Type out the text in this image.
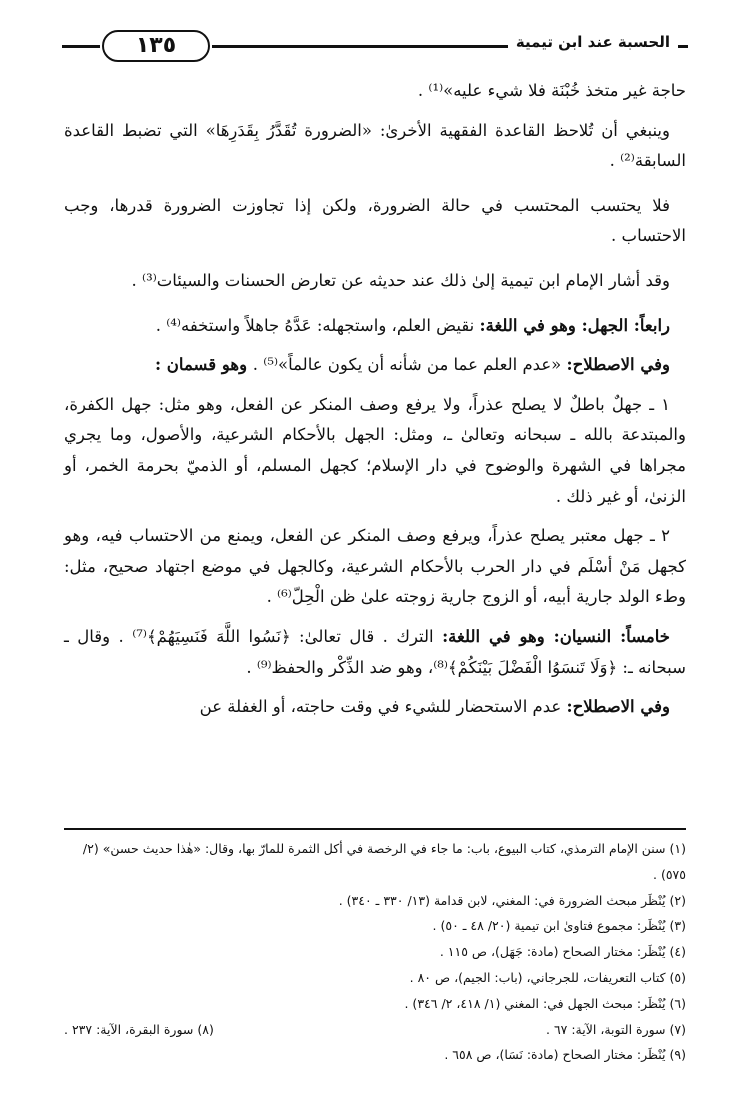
١٣٥	الحسبة عند ابن تيمية

حاجة غير متخذ خُبْنَة فلا شيء عليه»⁽¹⁾ .

وينبغي أن تُلاحظ القاعدة الفقهية الأخرىٰ: «الضرورة تُقَدَّرُ بِقَدَرِهَا» التي تضبط القاعدة السابقة⁽²⁾ .

فلا يحتسب المحتسب في حالة الضرورة، ولكن إذا تجاوزت الضرورة قدرها، وجب الاحتساب .

وقد أشار الإمام ابن تيمية إلىٰ ذلك عند حديثه عن تعارض الحسنات والسيئات⁽³⁾ .

رابعاً: الجهل: وهو في اللغة: نقيض العلم، واستجهله: عَدَّهُ جاهلاً واستخفه⁽⁴⁾ .

وفي الاصطلاح: «عدم العلم عما من شأنه أن يكون عالماً»⁽⁵⁾ . وهو قسمان :

١ ـ جهلٌ باطلٌ لا يصلح عذراً، ولا يرفع وصف المنكر عن الفعل، وهو مثل: جهل الكفرة، والمبتدعة بالله ـ سبحانه وتعالىٰ ـ، ومثل: الجهل بالأحكام الشرعية، والأصول، وما يجري مجراها في الشهرة والوضوح في دار الإسلام؛ كجهل المسلم، أو الذميّ بحرمة الخمر، أو الزنىٰ، أو غير ذلك .

٢ ـ جهل معتبر يصلح عذراً، ويرفع وصف المنكر عن الفعل، ويمنع من الاحتساب فيه، وهو كجهل مَنْ أسْلَم في دار الحرب بالأحكام الشرعية، وكالجهل في موضع اجتهاد صحيح، مثل: وطء الولد جارية أبيه، أو الزوج جارية زوجته علىٰ ظن الْحِلّ⁽⁶⁾ .

خامساً: النسيان: وهو في اللغة: الترك . قال تعالىٰ: ﴿نَسُوا اللَّهَ فَنَسِيَهُمْ﴾⁽⁷⁾ . وقال ـ سبحانه ـ: ﴿وَلَا تَنسَوُا الْفَضْلَ بَيْنَكُمْ﴾⁽⁸⁾، وهو ضد الذِّكْر والحفظ⁽⁹⁾ .

وفي الاصطلاح: عدم الاستحضار للشيء في وقت حاجته، أو الغفلة عن

(١) سنن الإمام الترمذي، كتاب البيوع، باب: ما جاء في الرخصة في أكل الثمرة للمارّ بها، وقال: «هٰذا حديث حسن» (٢/ ٥٧٥) .
(٢) يُنْظَر مبحث الضرورة في: المغني، لابن قدامة (١٣/ ٣٣٠ ـ ٣٤٠) .
(٣) يُنْظَر: مجموع فتاوىٰ ابن تيمية (٢٠/ ٤٨ ـ ٥٠) .
(٤) يُنْظَر: مختار الصحاح (مادة: جَهَل)، ص ١١٥ .
(٥) كتاب التعريفات، للجرجاني، (باب: الجيم)، ص ٨٠ .
(٦) يُنْظَر: مبحث الجهل في: المغني (١/ ٤١٨، ٢/ ٣٤٦) .
(٧) سورة التوبة، الآية: ٦٧ .
(٨) سورة البقرة، الآية: ٢٣٧ .
(٩) يُنْظَر: مختار الصحاح (مادة: نَسَا)، ص ٦٥٨ .
